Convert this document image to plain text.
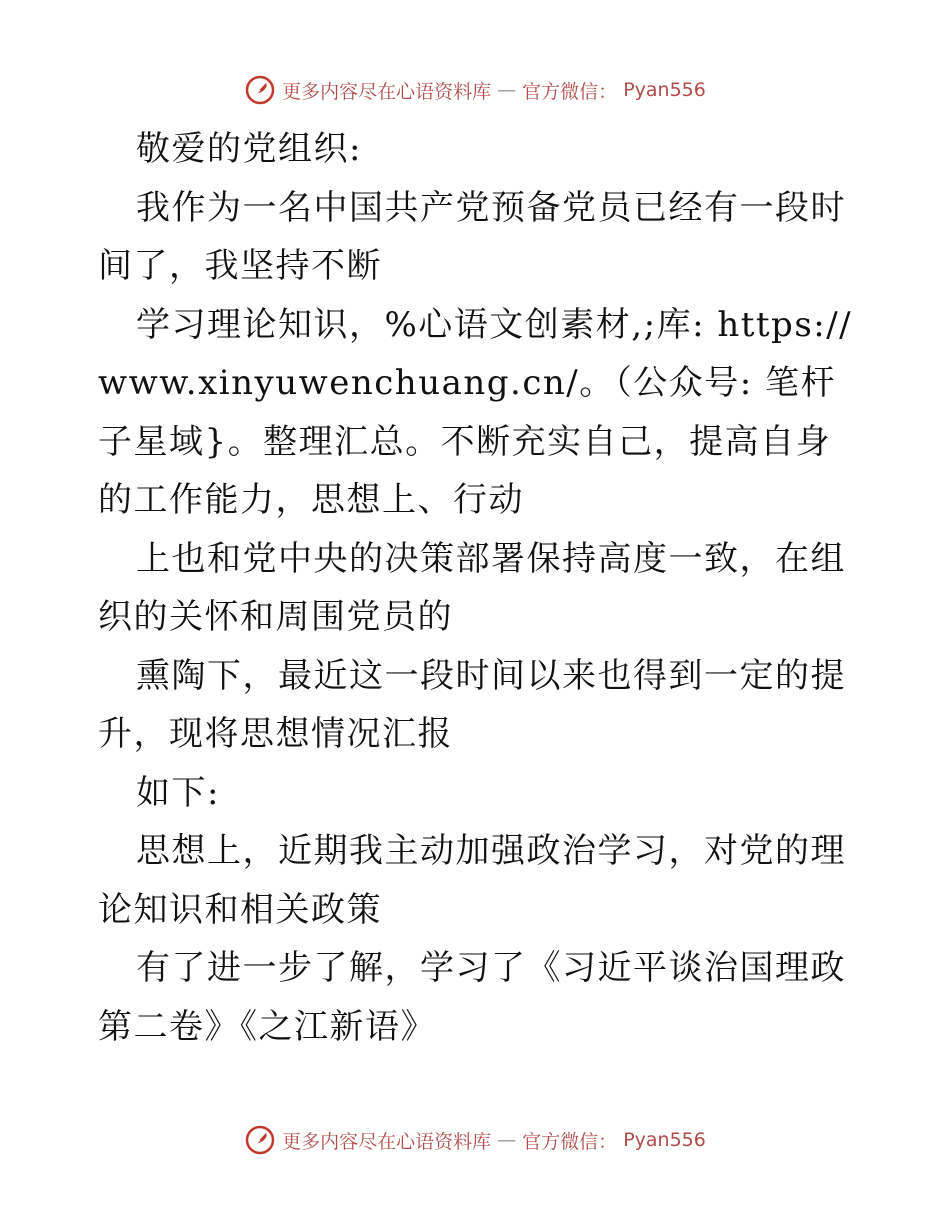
更多内容尽在心语资料库 — 官方微信： Pyan556

敬爱的党组织:

我作为一名中国共产党预备党员已经有一段时间了，我坚持不断

学习理论知识，%心语文创素材,;库: https://www.xinyuwenchuang.cn/。（公众号: 笔杆子星域}。整理汇总。不断充实自己，提高自身的工作能力，思想上、行动

上也和党中央的决策部署保持高度一致，在组织的关怀和周围党员的

熏陶下，最近这一段时间以来也得到一定的提升，现将思想情况汇报

如下:

思想上，近期我主动加强政治学习，对党的理论知识和相关政策

有了进一步了解，学习了《习近平谈治国理政第二卷》《之江新语》

更多内容尽在心语资料库 — 官方微信： Pyan556
